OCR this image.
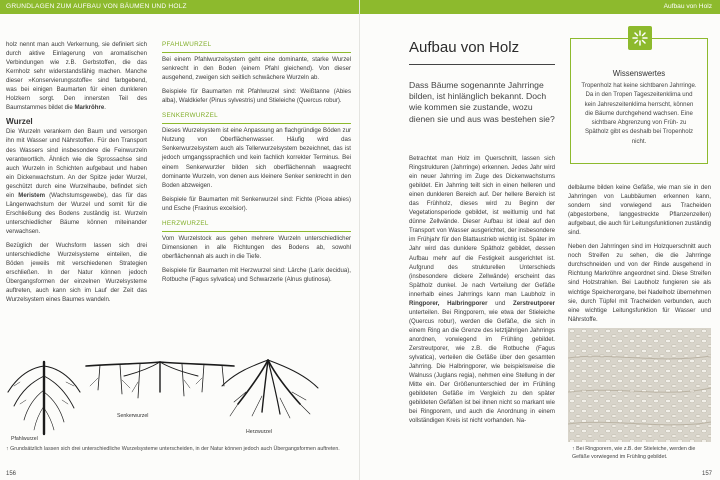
GRUNDLAGEN ZUM AUFBAU VON BÄUMEN UND HOLZ

holz nennt man auch Verkernung, sie definiert sich durch aktive Einlagerung von aromatischen Verbindungen wie z.B. Gerbstoffen, die das Kernholz sehr widerstandsfähig machen. Manche dieser »Konservierungsstoffe« sind farbgebend, was bei einigen Baumarten für einen dunkleren Holzkern sorgt. Den innersten Teil des Baumstammes bildet die Markröhre.

Wurzel

Die Wurzeln verankern den Baum und versorgen ihn mit Wasser und Nährstoffen. Für den Transport des Wassers sind insbesondere die Feinwurzeln verantwortlich. Ähnlich wie die Sprossachse sind auch Wurzeln in Schichten aufgebaut und haben ein Dickenwachstum. An der Spitze jeder Wurzel, geschützt durch eine Wurzelhaube, befindet sich ein Meristem (Wachstumsgewebe), das für das Längenwachstum der Wurzel und somit für die Erschließung des Bodens zuständig ist. Wurzeln unterschiedlicher Bäume können miteinander verwachsen.

Bezüglich der Wuchsform lassen sich drei unterschiedliche Wurzelsysteme einteilen, die Böden jeweils mit verschiedenen Strategien erschließen. In der Natur können jedoch Übergangsformen der einzelnen Wurzelsysteme auftreten, auch kann sich im Lauf der Zeit das Wurzelsystem eines Baumes wandeln.

PFAHLWURZEL

Bei einem Pfahlwurzelsystem geht eine dominante, starke Wurzel senkrecht in den Boden (einem Pfahl gleichend). Von dieser ausgehend, zweigen sich seitlich schwächere Wurzeln ab.

Beispiele für Baumarten mit Pfahlwurzel sind: Weißtanne (Abies alba), Waldkiefer (Pinus sylvestris) und Stieleiche (Quercus robur).

SENKERWURZEL

Dieses Wurzelsystem ist eine Anpassung an flachgründige Böden zur Nutzung von Oberflächenwasser. Häufig wird das Senkerwurzelsystem auch als Tellerwurzelsystem bezeichnet, das ist jedoch umgangssprachlich und kein fachlich korrekter Terminus. Bei einem Senkerwurzler bilden sich oberflächennah waagrecht dominante Wurzeln, von denen aus kleinere Senker senkrecht in den Boden abzweigen.

Beispiele für Baumarten mit Senkerwurzel sind: Fichte (Picea abies) und Esche (Fraxinus excelsior).

HERZWURZEL

Vom Wurzelstock aus gehen mehrere Wurzeln unterschiedlicher Dimensionen in alle Richtungen des Bodens ab, sowohl oberflächennah als auch in die Tiefe.

Beispiele für Baumarten mit Herzwurzel sind: Lärche (Larix decidua), Rotbuche (Fagus sylvatica) und Schwarzerle (Alnus glutinosa).

Pfahlwurzel
Senkerwurzel
Herzwurzel
↑ Grundsätzlich lassen sich drei unterschiedliche Wurzelsysteme unterscheiden, in der Natur können jedoch auch Übergangsformen auftreten.
156
Aufbau von Holz
Aufbau von Holz
Dass Bäume sogenannte Jahrringe bilden, ist hinlänglich bekannt. Doch wie kommen sie zustande, wozu dienen sie und aus was bestehen sie?
Wissenswertes
Tropenholz hat keine sichtbaren Jahrringe. Da in den Tropen Tageszeitenklima und kein Jahreszeitenklima herrscht, können die Bäume durchgehend wachsen. Eine sichtbare Abgrenzung von Früh- zu Spätholz gibt es deshalb bei Tropenholz nicht.

Betrachtet man Holz im Querschnitt, lassen sich Ringstrukturen (Jahrringe) erkennen. Jedes Jahr wird ein neuer Jahrring im Zuge des Dickenwachstums gebildet. Ein Jahrring teilt sich in einen helleren und einen dunkleren Bereich auf. Der hellere Bereich ist das Frühholz, dieses wird zu Beginn der Vegetationsperiode gebildet, ist weitlumig und hat dünne Zellwände. Dieser Aufbau ist ideal auf den Transport von Wasser ausgerichtet, der insbesondere im Frühjahr für den Blattaustrieb wichtig ist. Später im Jahr wird das dunklere Spätholz gebildet, dessen Aufbau mehr auf die Festigkeit ausgerichtet ist. Aufgrund des strukturellen Unterschieds (insbesondere dickere Zellwände) erscheint das Spätholz dunkel. Je nach Verteilung der Gefäße innerhalb eines Jahrrings kann man Laubholz in Ringporer, Halbringporer und Zerstreutporer unterteilen. Bei Ringporern, wie etwa der Stieleiche (Quercus robur), werden die Gefäße, die sich in einem Ring an die Grenze des letztjährigen Jahrrings anordnen, vorwiegend im Frühling gebildet. Zerstreutporer, wie z.B. die Rotbuche (Fagus sylvatica), verteilen die Gefäße über den gesamten Jahrring. Die Halbringporer, wie beispielsweise die Walnuss (Juglans regia), nehmen eine Stellung in der Mitte ein. Der Größenunterschied der im Frühling gebildeten Gefäße im Vergleich zu den später gebildeten Gefäßen ist bei ihnen nicht so markant wie bei Ringporern, und auch die Anordnung in einem vollständigen Kreis ist nicht vorhanden. Na-

delbäume bilden keine Gefäße, wie man sie in den Jahrringen von Laubbäumen erkennen kann, sondern sind vorwiegend aus Tracheiden (abgestorbene, langgestreckte Pflanzenzellen) aufgebaut, die auch für Leitungsfunktionen zuständig sind.

Neben den Jahrringen sind im Holzquerschnitt auch noch Streifen zu sehen, die die Jahrringe durchschneiden und von der Rinde ausgehend in Richtung Markröhre angeordnet sind. Diese Streifen sind Holzstrahlen. Bei Laubholz fungieren sie als wichtige Speicherorgane, bei Nadelholz übernehmen sie, durch Tüpfel mit Tracheiden verbunden, auch eine wichtige Leitungsfunktion für Wasser und Nährstoffe.

↑ Bei Ringporern, wie z.B. der Stieleiche, werden die Gefäße vorwiegend im Frühling gebildet.
157
